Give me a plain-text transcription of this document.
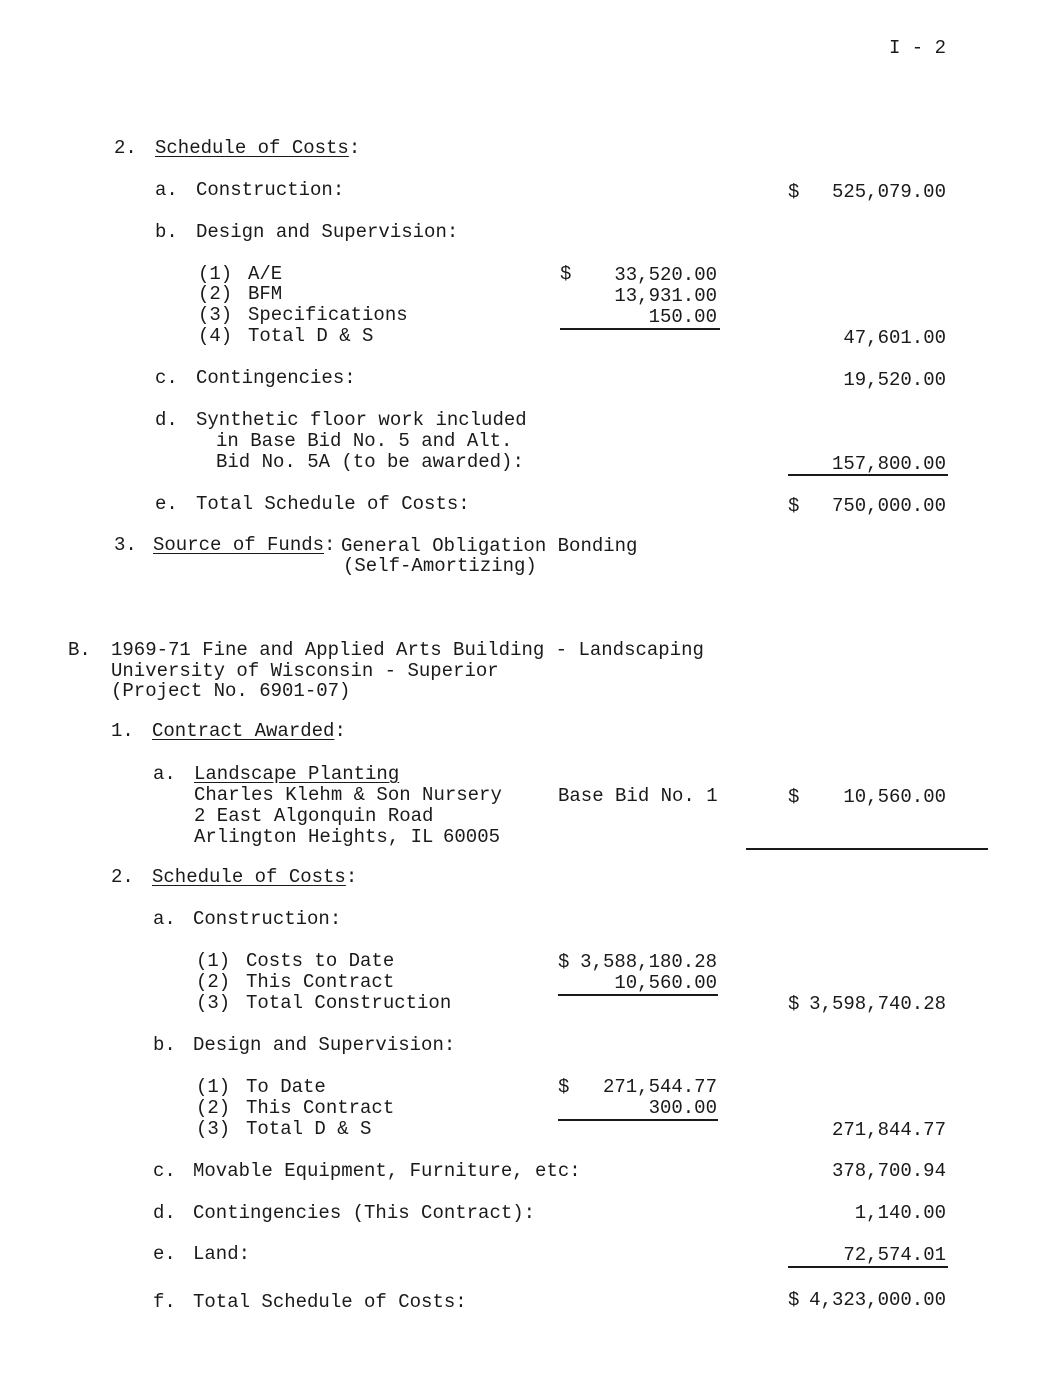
I - 2
2. Schedule of Costs:
a. Construction:	$	525,079.00
b. Design and Supervision:
(1) A/E	$	33,520.00
(2) BFM	13,931.00
(3) Specifications	150.00
(4) Total D & S	47,601.00
c. Contingencies:	19,520.00
d. Synthetic floor work included
in Base Bid No. 5 and Alt.
Bid No. 5A (to be awarded):	157,800.00
e. Total Schedule of Costs:	$	750,000.00
3. Source of Funds: General Obligation Bonding
(Self-Amortizing)
B. 1969-71 Fine and Applied Arts Building - Landscaping
University of Wisconsin - Superior
(Project No. 6901-07)
1. Contract Awarded:
a. Landscape Planting
Charles Klehm & Son Nursery
2 East Algonquin Road
Arlington Heights, IL 60005
Base Bid No. 1	$	10,560.00
2. Schedule of Costs:
a. Construction:
(1) Costs to Date	$ 3,588,180.28
(2) This Contract	10,560.00
(3) Total Construction	$ 3,598,740.28
b. Design and Supervision:
(1) To Date	$	271,544.77
(2) This Contract	300.00
(3) Total D & S	271,844.77
c. Movable Equipment, Furniture, etc:	378,700.94
d. Contingencies (This Contract):	1,140.00
e. Land:	72,574.01
f. Total Schedule of Costs:	$ 4,323,000.00
